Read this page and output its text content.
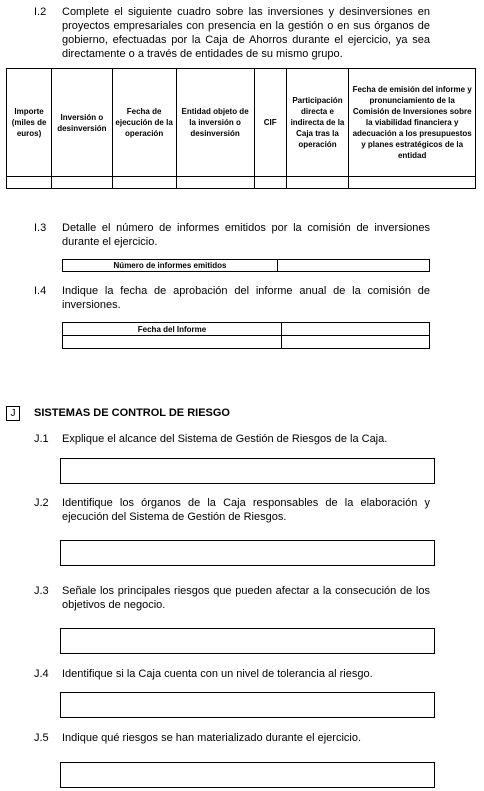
I.2 Complete el siguiente cuadro sobre las inversiones y desinversiones en proyectos empresariales con presencia en la gestión o en sus órganos de gobierno, efectuadas por la Caja de Ahorros durante el ejercicio, ya sea directamente o a través de entidades de su mismo grupo.
Importe (miles de euros)	Inversión o desinversión	Fecha de ejecución de la operación	Entidad objeto de la inversión o desinversión	CIF	Participación directa e indirecta de la Caja tras la operación	Fecha de emisión del informe y pronunciamiento de la Comisión de Inversiones sobre la viabilidad financiera y adecuación a los presupuestos y planes estratégicos de la entidad

I.3 Detalle el número de informes emitidos por la comisión de inversiones durante el ejercicio.
Número de informes emitidos	
I.4 Indique la fecha de aprobación del informe anual de la comisión de inversiones.
Fecha del Informe	

J	SISTEMAS DE CONTROL DE RIESGO
J.1 Explique el alcance del Sistema de Gestión de Riesgos de la Caja.
J.2 Identifique los órganos de la Caja responsables de la elaboración y ejecución del Sistema de Gestión de Riesgos.
J.3 Señale los principales riesgos que pueden afectar a la consecución de los objetivos de negocio.
J.4 Identifique si la Caja cuenta con un nivel de tolerancia al riesgo.
J.5 Indique qué riesgos se han materializado durante el ejercicio.
